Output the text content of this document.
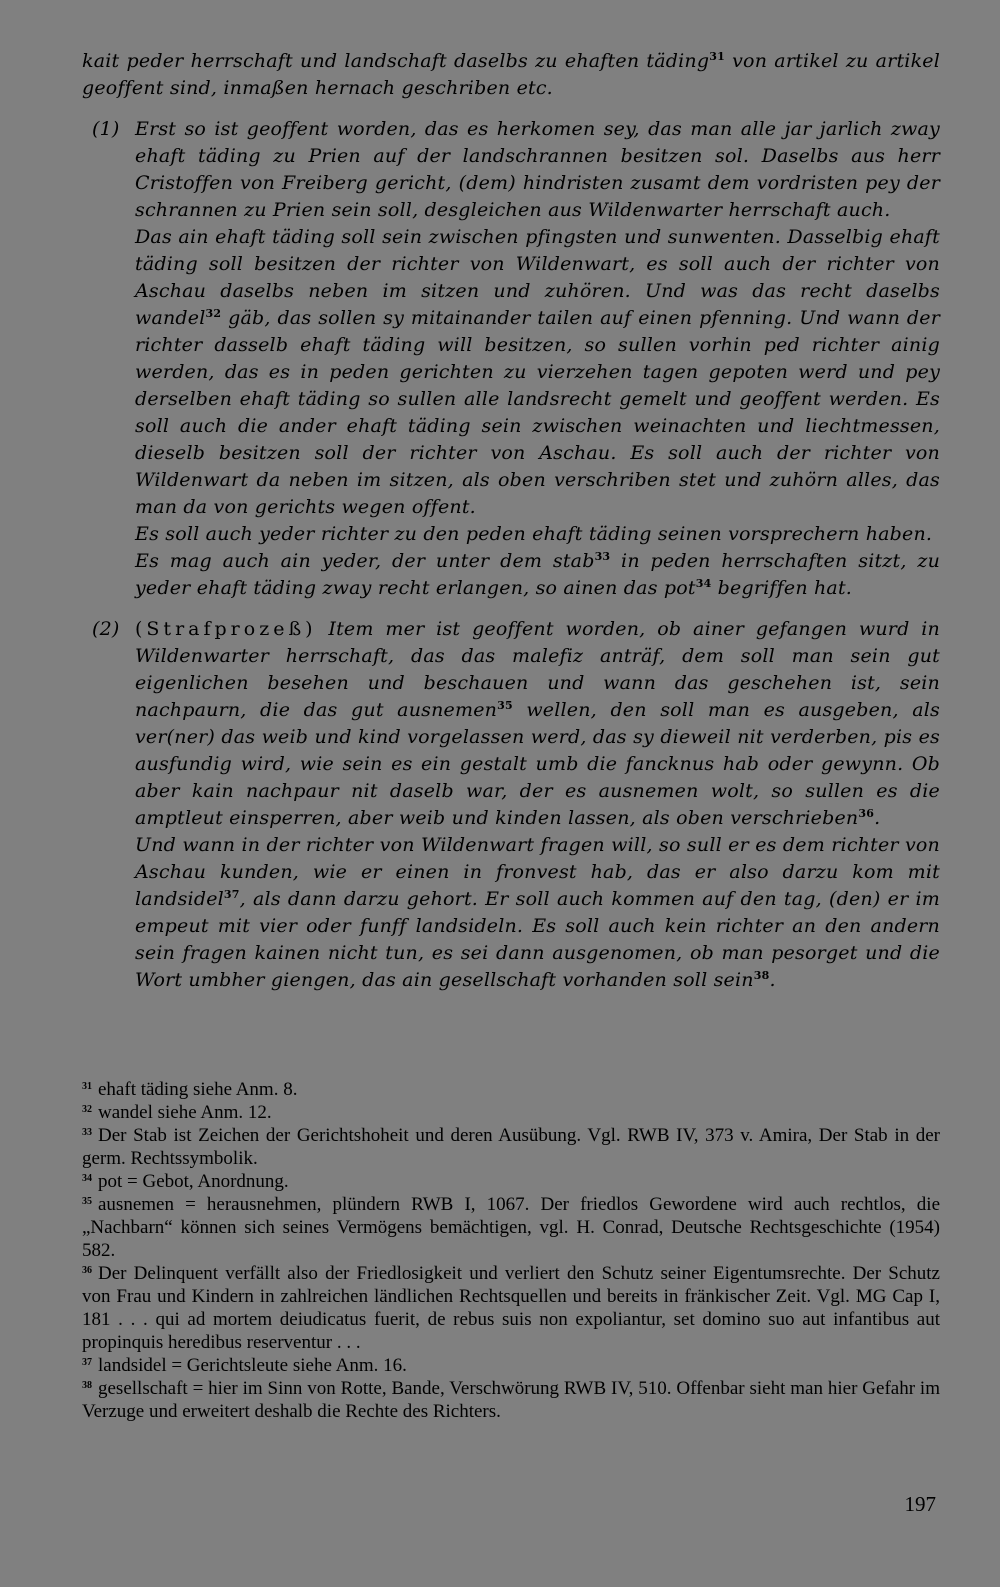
kait peder herrschaft und landschaft daselbs zu ehaften täding$^{31}$ von artikel zu artikel geoffent sind, inmaßen hernach geschriben etc.

(1) Erst so ist geoffent worden, das es herkomen sey, das man alle jar jarlich zway ehaft täding zu Prien auf der landschrannen besitzen sol. Daselbs aus herr Cristoffen von Freiberg gericht, (dem) hindristen zusamt dem vordristen pey der schrannen zu Prien sein soll, desgleichen aus Wildenwarter herrschaft auch.

Das ain ehaft täding soll sein zwischen pfingsten und sunwenten. Dasselbig ehaft täding soll besitzen der richter von Wildenwart, es soll auch der richter von Aschau daselbs neben im sitzen und zuhören. Und was das recht daselbs wandel$^{32}$ gäb, das sollen sy mitainander tailen auf einen pfenning. Und wann der richter dasselb ehaft täding will besitzen, so sullen vorhin ped richter ainig werden, das es in peden gerichten zu vierzehen tagen gepoten werd und pey derselben ehaft täding so sullen alle landsrecht gemelt und geoffent werden. Es soll auch die ander ehaft täding sein zwischen weinachten und liechtmessen, dieselb besitzen soll der richter von Aschau. Es soll auch der richter von Wildenwart da neben im sitzen, als oben verschriben stet und zuhörn alles, das man da von gerichts wegen offent.

Es soll auch yeder richter zu den peden ehaft täding seinen vorsprechern haben.

Es mag auch ain yeder, der unter dem stab$^{33}$ in peden herrschaften sitzt, zu yeder ehaft täding zway recht erlangen, so ainen das pot$^{34}$ begriffen hat.

(2) (Strafprozeß) Item mer ist geoffent worden, ob ainer gefangen wurd in Wildenwarter herrschaft, das das malefiz anträf, dem soll man sein gut eigenlichen besehen und beschauen und wann das geschehen ist, sein nachpaurn, die das gut ausnemen$^{35}$ wellen, den soll man es ausgeben, als ver(ner) das weib und kind vorgelassen werd, das sy dieweil nit verderben, pis es ausfundig wird, wie sein es ein gestalt umb die fancknus hab oder gewynn. Ob aber kain nachpaur nit daselb war, der es ausnemen wolt, so sullen es die amptleut einsperren, aber weib und kinden lassen, als oben verschrieben$^{36}$.

Und wann in der richter von Wildenwart fragen will, so sull er es dem richter von Aschau kunden, wie er einen in fronvest hab, das er also darzu kom mit landsidel$^{37}$, als dann darzu gehort. Er soll auch kommen auf den tag, (den) er im empeut mit vier oder funff landsideln. Es soll auch kein richter an den andern sein fragen kainen nicht tun, es sei dann ausgenomen, ob man pesorget und die Wort umbher giengen, das ain gesellschaft vorhanden soll sein$^{38}$.

$^{31}$ ehaft täding siehe Anm. 8.

$^{32}$ wandel siehe Anm. 12.

$^{33}$ Der Stab ist Zeichen der Gerichtshoheit und deren Ausübung. Vgl. RWB IV, 373 v. Amira, Der Stab in der germ. Rechtssymbolik.

$^{34}$ pot = Gebot, Anordnung.

$^{35}$ ausnemen = herausnehmen, plündern RWB I, 1067. Der friedlos Gewordene wird auch rechtlos, die „Nachbarn“ können sich seines Vermögens bemächtigen, vgl. H. Conrad, Deutsche Rechtsgeschichte (1954) 582.

$^{36}$ Der Delinquent verfällt also der Friedlosigkeit und verliert den Schutz seiner Eigentumsrechte. Der Schutz von Frau und Kindern in zahlreichen ländlichen Rechtsquellen und bereits in fränkischer Zeit. Vgl. MG Cap I, 181 . . . qui ad mortem deiudicatus fuerit, de rebus suis non expoliantur, set domino suo aut infantibus aut propinquis heredibus reserventur . . .

$^{37}$ landsidel = Gerichtsleute siehe Anm. 16.

$^{38}$ gesellschaft = hier im Sinn von Rotte, Bande, Verschwörung RWB IV, 510. Offenbar sieht man hier Gefahr im Verzuge und erweitert deshalb die Rechte des Richters.

197
